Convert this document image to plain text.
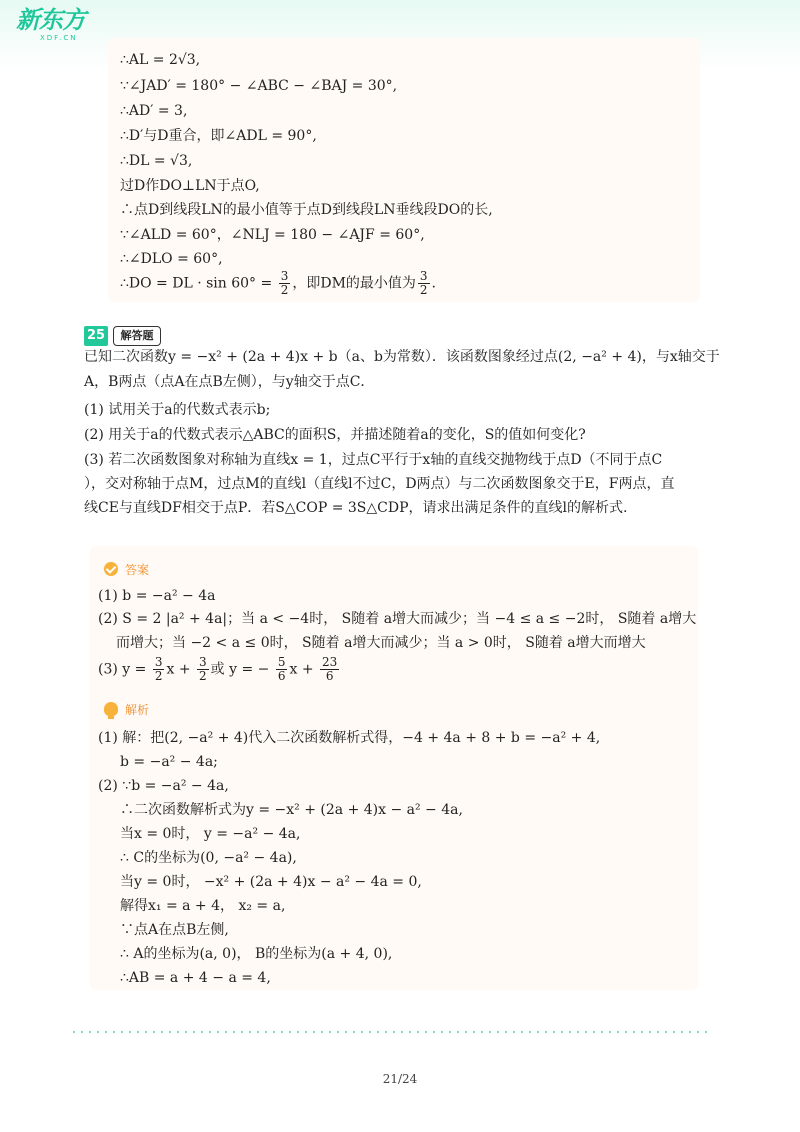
新东方
XDF.CN
∴AL = 2√3,
∵∠JAD′ = 180° − ∠ABC − ∠BAJ = 30°,
∴AD′ = 3,
∴D′与D重合，即∠ADL = 90°,
∴DL = √3,
过D作DO⊥LN于点O,
∴点D到线段LN的最小值等于点D到线段LN垂线段DO的长,
∵∠ALD = 60°，∠NLJ = 180 − ∠AJF = 60°,
∴∠DLO = 60°,
∴DO = DL · $\sin 60^\circ = \frac{3}{2}$ ，即DM的最小值为 $\frac{3}{2}$ .
25	解答题
已知二次函数y = −x² + (2a + 4)x + b（a、b为常数）．该函数图象经过点(2, −a² + 4)，与x轴交于
A，B两点（点A在点B左侧），与y轴交于点C．
(1) 试用关于a的代数式表示b;
(2) 用关于a的代数式表示△ABC的面积S，并描述随着a的变化，S的值如何变化?
(3) 若二次函数图象对称轴为直线x = 1，过点C平行于x轴的直线交抛物线于点D（不同于点C
），交对称轴于点M，过点M的直线l（直线l不过C，D两点）与二次函数图象交于E，F两点，直
线CE与直线DF相交于点P．若S△COP = 3S△CDP，请求出满足条件的直线l的解析式.
答案
(1) b = −a² − 4a
(2) S = 2 |a² + 4a|；当 a < −4时， S随着 a增大而减少；当 −4 ≤ a ≤ −2时， S随着 a增大
而增大；当 −2 < a ≤ 0时， S随着 a增大而减少；当 a > 0时， S随着 a增大而增大
(3) $y = \frac{3}{2}$ $x + \frac{3}{2}$ 或 y = − $\frac{5}{6}$ $x + \frac{23}{6}$
解析
(1) 解：把(2, −a² + 4)代入二次函数解析式得，−4 + 4a + 8 + b = −a² + 4,
b = −a² − 4a;
(2) ∵b = −a² − 4a,
∴二次函数解析式为y = −x² + (2a + 4)x − a² − 4a,
当x = 0时， y = −a² − 4a,
∴ C的坐标为(0, −a² − 4a),
当y = 0时， −x² + (2a + 4)x − a² − 4a = 0,
解得x₁ = a + 4， x₂ = a,
∵点A在点B左侧,
∴ A的坐标为(a, 0)， B的坐标为(a + 4, 0),
∴AB = a + 4 − a = 4,
21/24
